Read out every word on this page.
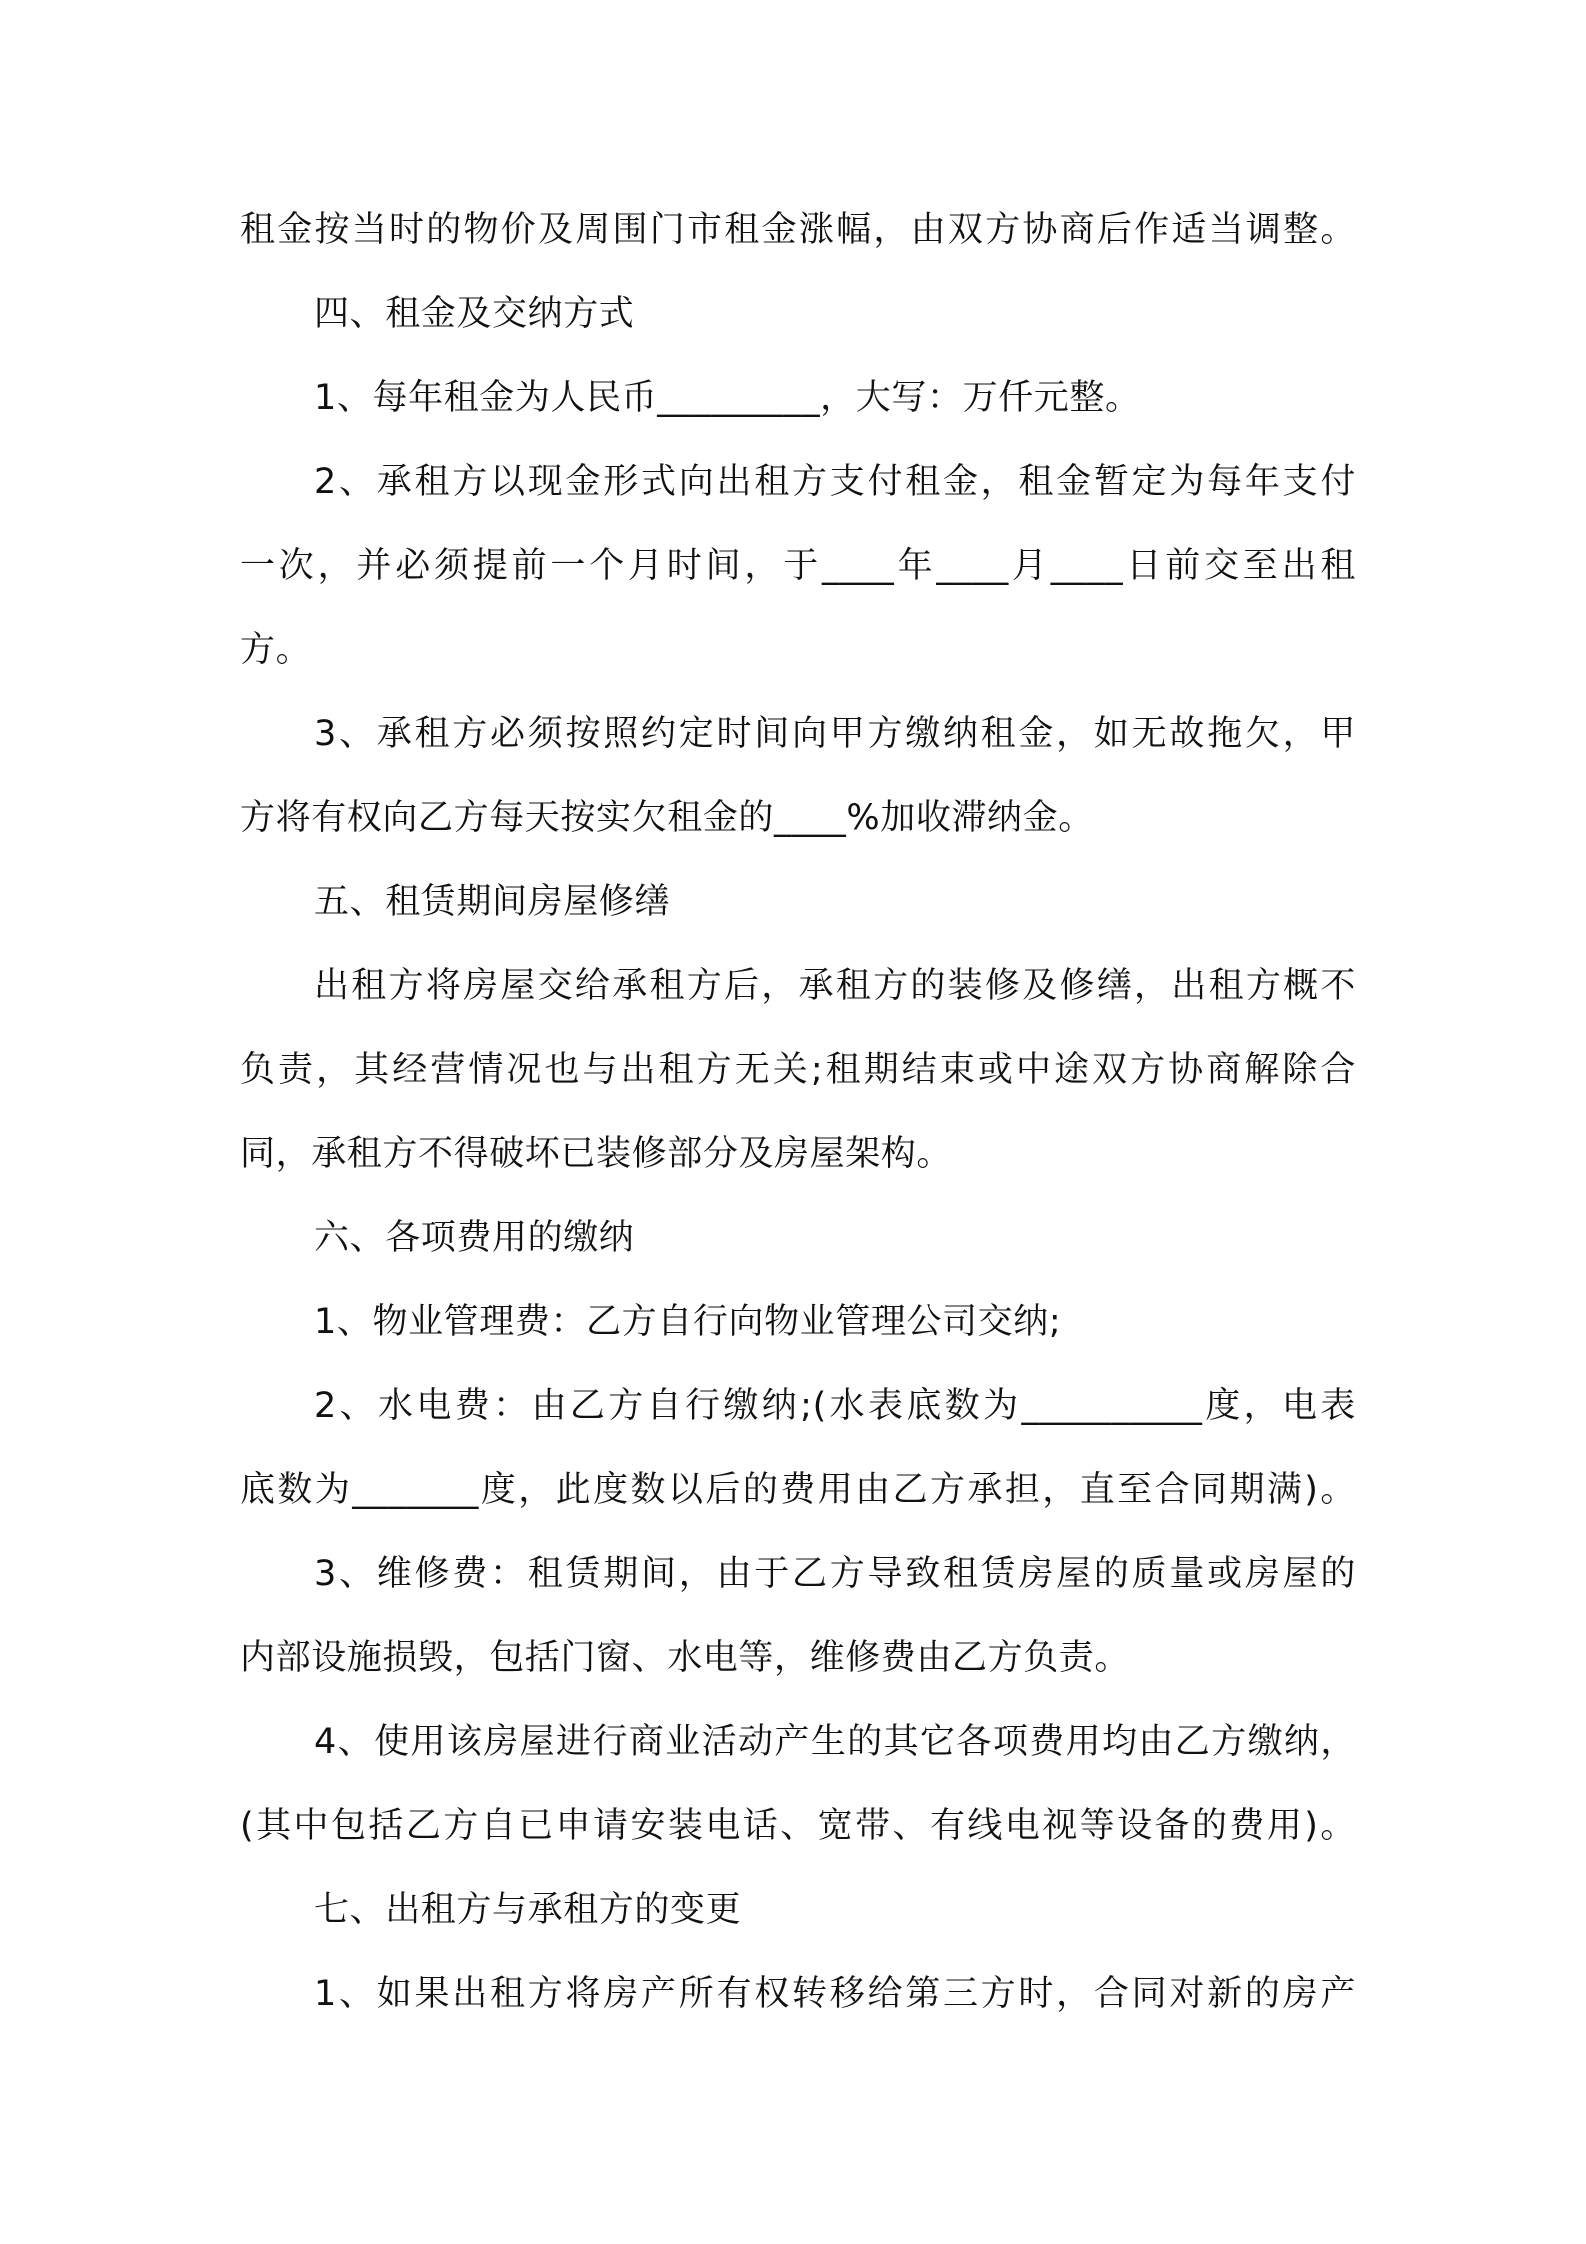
租金按当时的物价及周围门市租金涨幅，由双方协商后作适当调整。
四、租金及交纳方式
1、每年租金为人民币_________，大写：万仟元整。
2、承租方以现金形式向出租方支付租金，租金暂定为每年支付
一次，并必须提前一个月时间，于____年____月____日前交至出租
方。
3、承租方必须按照约定时间向甲方缴纳租金，如无故拖欠，甲
方将有权向乙方每天按实欠租金的____%加收滞纳金。
五、租赁期间房屋修缮
出租方将房屋交给承租方后，承租方的装修及修缮，出租方概不
负责，其经营情况也与出租方无关;租期结束或中途双方协商解除合
同，承租方不得破坏已装修部分及房屋架构。
六、各项费用的缴纳
1、物业管理费：乙方自行向物业管理公司交纳;
2、水电费：由乙方自行缴纳;(水表底数为__________度，电表
底数为_______度，此度数以后的费用由乙方承担，直至合同期满)。
3、维修费：租赁期间，由于乙方导致租赁房屋的质量或房屋的
内部设施损毁，包括门窗、水电等，维修费由乙方负责。
4、使用该房屋进行商业活动产生的其它各项费用均由乙方缴纳，
(其中包括乙方自已申请安装电话、宽带、有线电视等设备的费用)。
七、出租方与承租方的变更
1、如果出租方将房产所有权转移给第三方时，合同对新的房产
